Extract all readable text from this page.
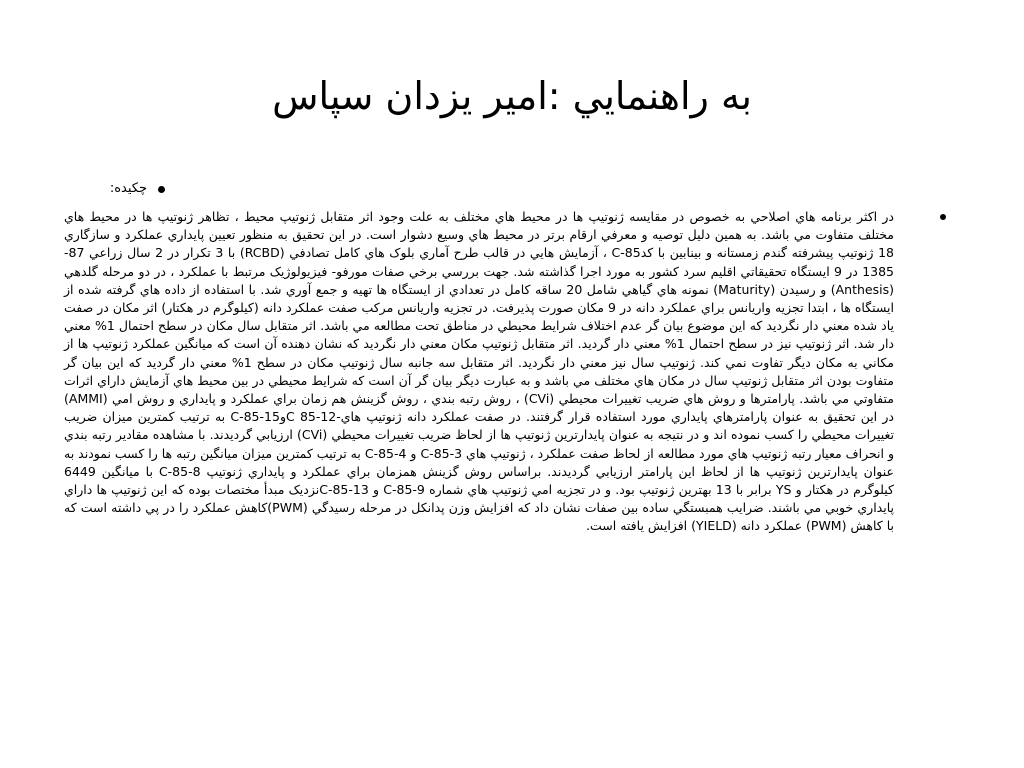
به راهنمايي :امير يزدان سپاس
چکيده:

در اکثر برنامه هاي اصلاحي به خصوص در مقايسه ژنوتيپ ها در محيط هاي مختلف به علت وجود اثر متقابل ژنوتيپ محيط ، تظاهر ژنوتيپ ها در محيط هاي مختلف متفاوت مي باشد. به همين دليل توصيه و معرفي ارقام برتر در محيط هاي وسيع دشوار است. در اين تحقيق به منظور تعيين پايداري عملکرد و سازگاري 18 ژنوتيپ پيشرفته گندم زمستانه و بينابين با کدC-85 ، آزمايش هايي در قالب طرح آماري بلوک هاي کامل تصادفي (RCBD) با 3 تکرار در 2 سال زراعي 87-1385 در 9 ايستگاه تحقيقاتي اقليم سرد کشور به مورد اجرا گذاشته شد. جهت بررسي برخي صفات مورفو- فيزيولوژيک مرتبط با عملکرد ، در دو مرحله گلدهي (Anthesis) و رسيدن (Maturity) نمونه هاي گياهي شامل 20 ساقه کامل در تعدادي از ايستگاه ها تهيه و جمع آوري شد. با استفاده از داده هاي گرفته شده از ايستگاه ها ، ابتدا تجزيه واريانس براي عملکرد دانه در 9 مکان صورت پذيرفت. در تجزيه واريانس مرکب صفت عملکرد دانه (کيلوگرم در هکتار) اثر مکان در صفت ياد شده معني دار نگرديد که اين موضوع بيان گر عدم اختلاف شرايط محيطي در مناطق تحت مطالعه مي باشد. اثر متقابل سال مکان در سطح احتمال 1% معني دار شد. اثر ژنوتيپ نيز در سطح احتمال 1% معني دار گرديد. اثر متقابل ژنوتيپ مکان معني دار نگرديد که نشان دهنده آن است که ميانگين عملکرد ژنوتيپ ها از مکاني به مکان ديگر تفاوت نمي کند. ژنوتيپ سال نيز معني دار نگرديد. اثر متقابل سه جانبه سال ژنوتيپ مکان در سطح 1% معني دار گرديد که اين بيان گر متفاوت بودن اثر متقابل ژنوتيپ سال در مکان هاي مختلف مي باشد و به عبارت ديگر بيان گر آن است که شرايط محيطي در بين محيط هاي آزمايش داراي اثرات متفاوتي مي باشد. پارامترها و روش هاي ضريب تغييرات محيطي (CVi) ، روش رتبه بندي ، روش گزينش هم زمان براي عملکرد و پايداري و روش امي (AMMI) در اين تحقيق به عنوان پارامترهاي پايداري مورد استفاده قرار گرفتند. در صفت عملکرد دانه ژنوتيپ هاي-C 85-12و15-85-C به ترتيب کمترين ميزان ضريب تغييرات محيطي را کسب نموده اند و در نتيجه به عنوان پايدارترين ژنوتيپ ها از لحاظ ضريب تغييرات محيطي (CVi) ارزيابي گرديدند. با مشاهده مقادير رتبه بندي و انحراف معيار رتبه ژنوتيپ هاي مورد مطالعه از لحاظ صفت عملکرد ، ژنوتيپ هاي C-85-3 و C-85-4 به ترتيب کمترين ميزان ميانگين رتبه ها را کسب نمودند به عنوان پايدارترين ژنوتيپ ها از لحاظ اين پارامتر ارزيابي گرديدند. براساس روش گزينش همزمان براي عملکرد و پايداري ژنوتيپ C-85-8 با ميانگين 6449 کيلوگرم در هکتار و YS برابر با 13 بهترين ژنوتيپ بود. و در تجزيه امي ژنوتيپ هاي شماره C-85-9 و C-85-13نزديک مبدأ مختصات بوده که اين ژنوتيپ ها داراي پايداري خوبي مي باشند. ضرايب همبستگي ساده بين صفات نشان داد که افزايش وزن پدانکل در مرحله رسيدگي (PWM)کاهش عملکرد را در پي داشته است که با کاهش (PWM) عملکرد دانه (YIELD) افزايش يافته است.
